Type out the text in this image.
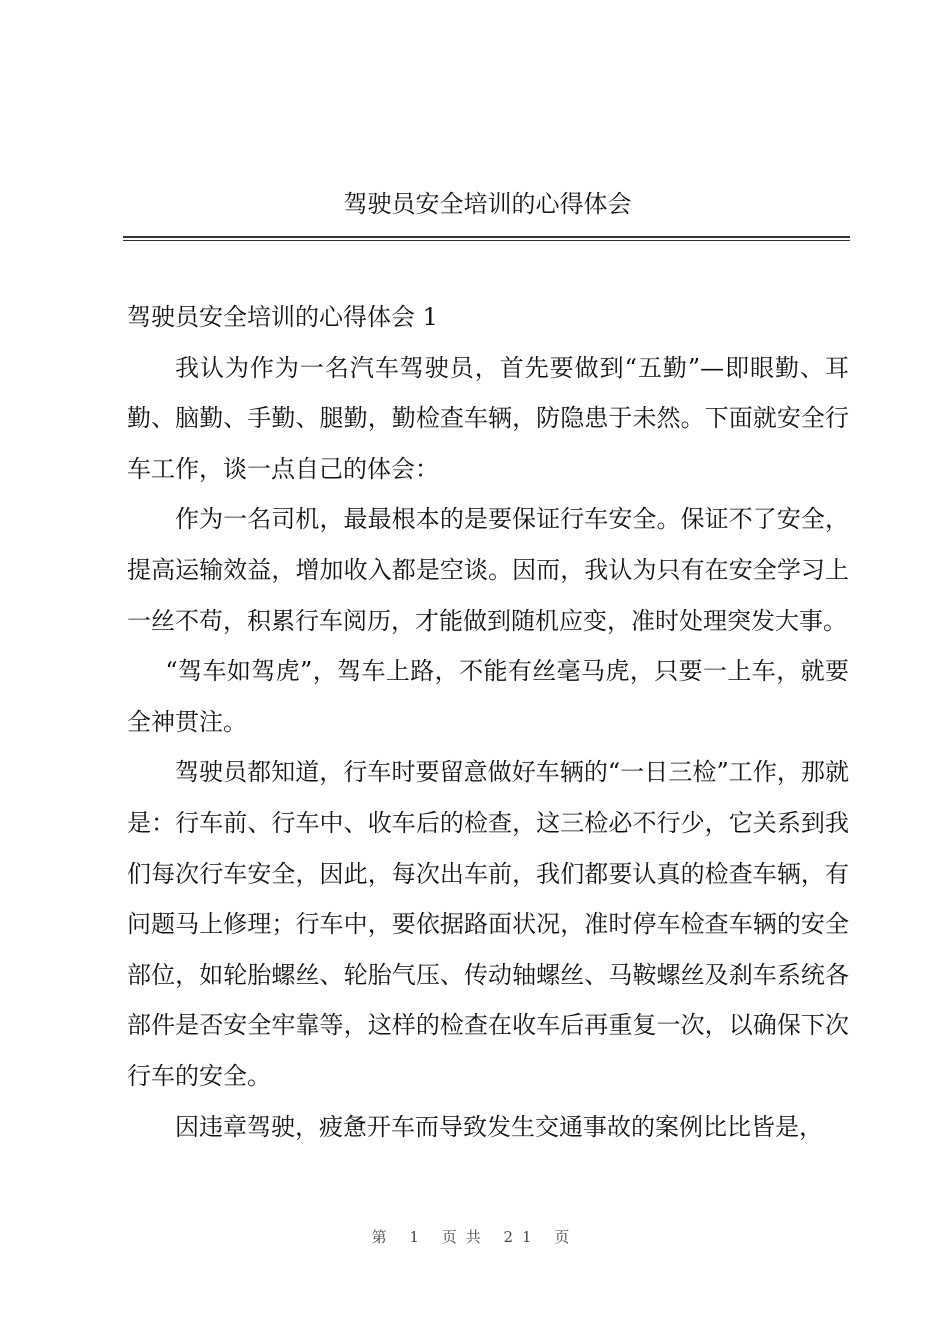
驾驶员安全培训的心得体会

驾驶员安全培训的心得体会 1

我认为作为一名汽车驾驶员，首先要做到“五勤”—即眼勤、耳勤、脑勤、手勤、腿勤，勤检查车辆，防隐患于未然。下面就安全行车工作，谈一点自己的体会：

作为一名司机，最最根本的是要保证行车安全。保证不了安全，提高运输效益，增加收入都是空谈。因而，我认为只有在安全学习上一丝不苟，积累行车阅历，才能做到随机应变，准时处理突发大事。

“驾车如驾虎”，驾车上路，不能有丝毫马虎，只要一上车，就要全神贯注。

驾驶员都知道，行车时要留意做好车辆的“一日三检”工作，那就是：行车前、行车中、收车后的检查，这三检必不行少，它关系到我们每次行车安全，因此，每次出车前，我们都要认真的检查车辆，有问题马上修理；行车中，要依据路面状况，准时停车检查车辆的安全部位，如轮胎螺丝、轮胎气压、传动轴螺丝、马鞍螺丝及刹车系统各部件是否安全牢靠等，这样的检查在收车后再重复一次，以确保下次行车的安全。

因违章驾驶，疲惫开车而导致发生交通事故的案例比比皆是，

第 1 页共 21 页
